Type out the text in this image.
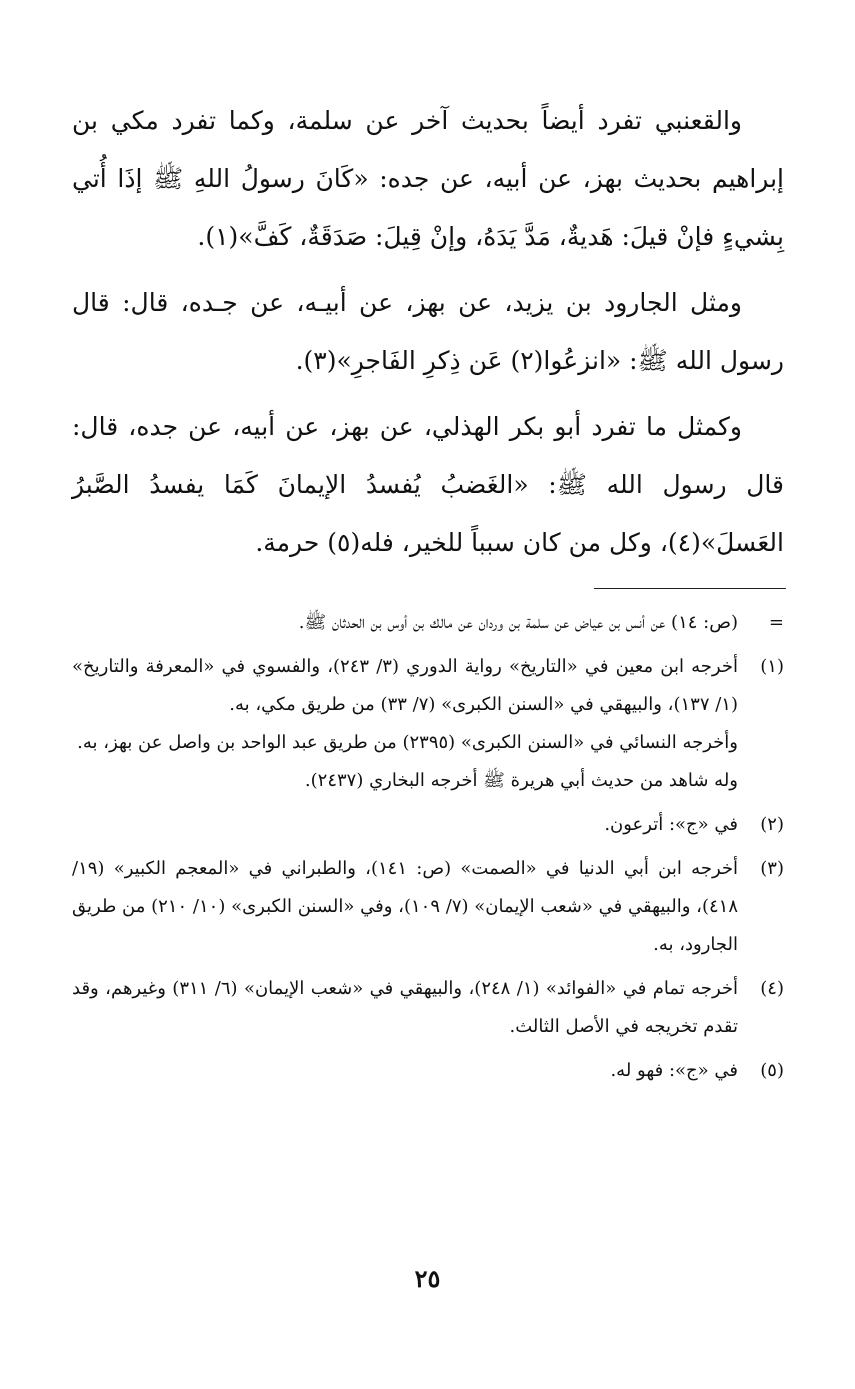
والقعنبي تفرد أيضاً بحديث آخر عن سلمة، وكما تفرد مكي بن إبراهيم بحديث بهز، عن أبيه، عن جده: «كَانَ رسولُ اللهِ ﷺ إذَا أُتي بِشيءٍ فإنْ قيلَ: هَديةٌ، مَدَّ يَدَهُ، وإنْ قِيلَ: صَدَقَةٌ، كَفَّ»(١).

ومثل الجارود بن يزيد، عن بهز، عن أبيـه، عن جـده، قال: قال رسول الله ﷺ: «انزعُوا(٢) عَن ذِكرِ الفَاجرِ»(٣).

وكمثل ما تفرد أبو بكر الهذلي، عن بهز، عن أبيه، عن جده، قال: قال رسول الله ﷺ: «الغَضبُ يُفسدُ الإيمانَ كَمَا يفسدُ الصَّبرُ العَسلَ»(٤)، وكل من كان سبباً للخير، فله(٥) حرمة.

=

(ص: ١٤) عن أنس بن عياض عن سلمة بن وردان عن مالك بن أوس بن الحدثان ﷺ.

(١)

أخرجه ابن معين في «التاريخ» رواية الدوري (٣/ ٢٤٣)، والفسوي في «المعرفة والتاريخ» (١/ ١٣٧)، والبيهقي في «السنن الكبرى» (٧/ ٣٣) من طريق مكي، به.

وأخرجه النسائي في «السنن الكبرى» (٢٣٩٥) من طريق عبد الواحد بن واصل عن بهز، به.

وله شاهد من حديث أبي هريرة ﷺ أخرجه البخاري (٢٤٣٧).

(٢)

في «ج»: أترعون.

(٣)

أخرجه ابن أبي الدنيا في «الصمت» (ص: ١٤١)، والطبراني في «المعجم الكبير» (١٩/ ٤١٨)، والبيهقي في «شعب الإيمان» (٧/ ١٠٩)، وفي «السنن الكبرى» (١٠/ ٢١٠) من طريق الجارود، به.

(٤)

أخرجه تمام في «الفوائد» (١/ ٢٤٨)، والبيهقي في «شعب الإيمان» (٦/ ٣١١) وغيرهم، وقد تقدم تخريجه في الأصل الثالث.

(٥)

في «ج»: فهو له.

٢٥
